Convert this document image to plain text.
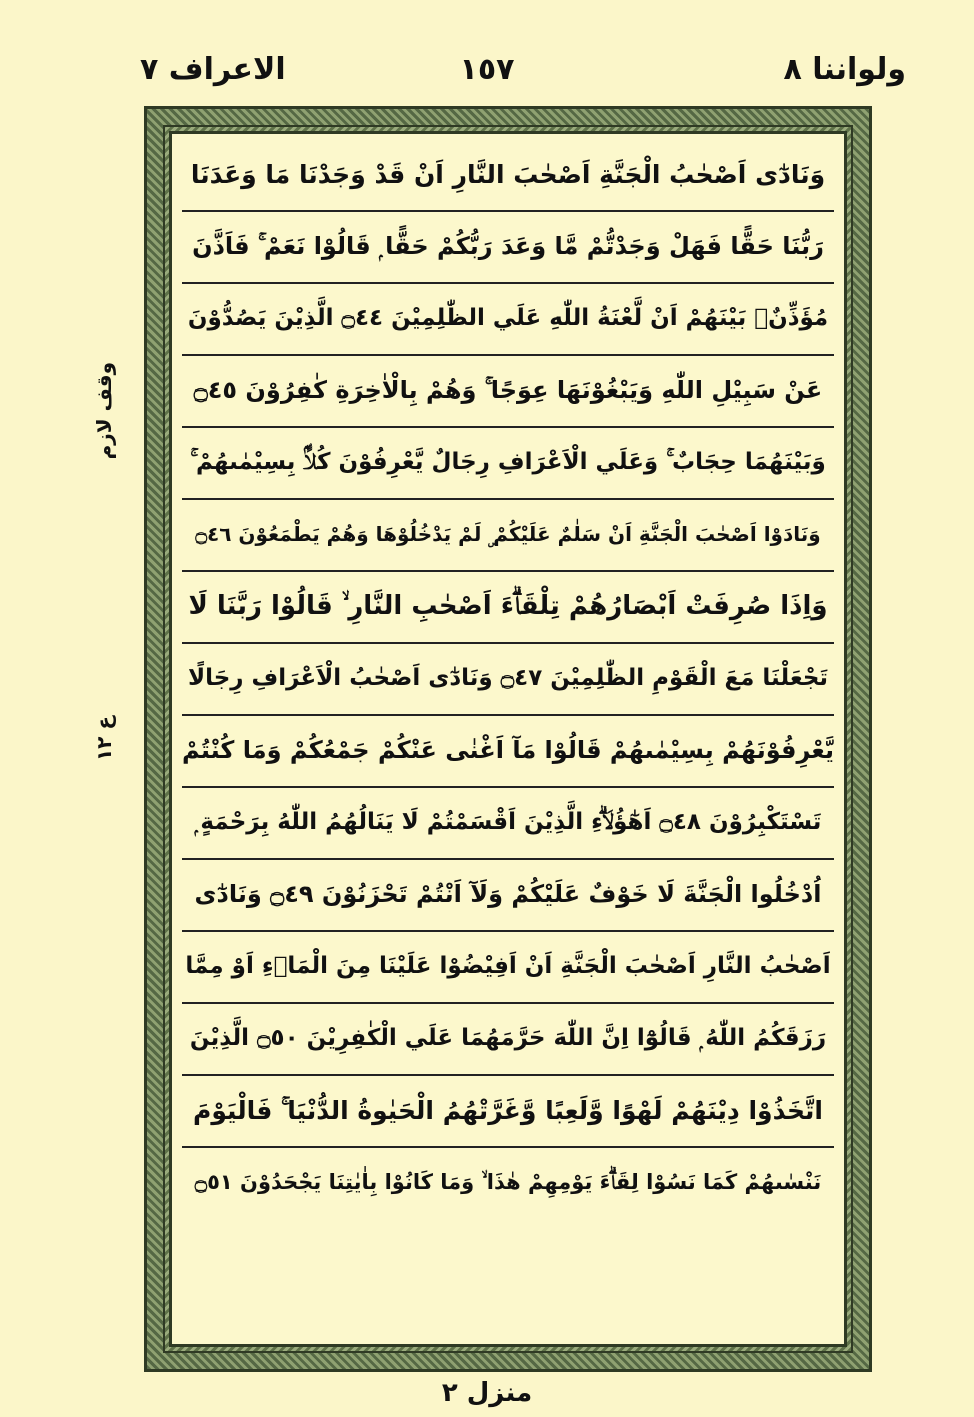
ولواننا ٨
١٥٧
الاعراف ٧
وقف لازم
ع ١٢
وَنَادٰٓى اَصْحٰبُ الْجَنَّةِ اَصْحٰبَ النَّارِ اَنْ قَدْ وَجَدْنَا مَا وَعَدَنَا
رَبُّنَا حَقًّا فَهَلْ وَجَدْتُّمْ مَّا وَعَدَ رَبُّكُمْ حَقًّا ۭ قَالُوْا نَعَمْ ۚ فَاَذَّنَ
مُؤَذِّنٌۢ بَيْنَهُمْ اَنْ لَّعْنَةُ اللّٰهِ عَلَي الظّٰلِمِيْنَ ۝٤٤ الَّذِيْنَ يَصُدُّوْنَ
عَنْ سَبِيْلِ اللّٰهِ وَيَبْغُوْنَهَا عِوَجًا ۚ وَهُمْ بِالْاٰخِرَةِ كٰفِرُوْنَ ۝٤٥
وَبَيْنَهُمَا حِجَابٌ ۚ وَعَلَي الْاَعْرَافِ رِجَالٌ يَّعْرِفُوْنَ كُلًّاۢ بِسِيْمٰىهُمْ ۚ
وَنَادَوْا اَصْحٰبَ الْجَنَّةِ اَنْ سَلٰمٌ عَلَيْكُمْ ۣ لَمْ يَدْخُلُوْهَا وَهُمْ يَطْمَعُوْنَ ۝٤٦
وَاِذَا صُرِفَتْ اَبْصَارُهُمْ تِلْقَاۗءَ اَصْحٰبِ النَّارِ ۙ قَالُوْا رَبَّنَا لَا
تَجْعَلْنَا مَعَ الْقَوْمِ الظّٰلِمِيْنَ ۝٤٧ وَنَادٰٓى اَصْحٰبُ الْاَعْرَافِ رِجَالًا
يَّعْرِفُوْنَهُمْ بِسِيْمٰىهُمْ قَالُوْا مَآ اَغْنٰى عَنْكُمْ جَمْعُكُمْ وَمَا كُنْتُمْ
تَسْتَكْبِرُوْنَ ۝٤٨ اَهٰٓؤُلَاۗءِ الَّذِيْنَ اَقْسَمْتُمْ لَا يَنَالُهُمُ اللّٰهُ بِرَحْمَةٍ ۭ
اُدْخُلُوا الْجَنَّةَ لَا خَوْفٌ عَلَيْكُمْ وَلَآ اَنْتُمْ تَحْزَنُوْنَ ۝٤٩ وَنَادٰٓى
اَصْحٰبُ النَّارِ اَصْحٰبَ الْجَنَّةِ اَنْ اَفِيْضُوْا عَلَيْنَا مِنَ الْمَاۗءِ اَوْ مِمَّا
رَزَقَكُمُ اللّٰهُ ۭ قَالُوْٓا اِنَّ اللّٰهَ حَرَّمَهُمَا عَلَي الْكٰفِرِيْنَ ۝٥٠ الَّذِيْنَ
اتَّخَذُوْا دِيْنَهُمْ لَهْوًا وَّلَعِبًا وَّغَرَّتْهُمُ الْحَيٰوةُ الدُّنْيَا ۚ فَالْيَوْمَ
نَنْسٰىهُمْ كَمَا نَسُوْا لِقَاۗءَ يَوْمِهِمْ هٰذَا ۙ وَمَا كَانُوْا بِاٰيٰتِنَا يَجْحَدُوْنَ ۝٥١
منزل ٢
